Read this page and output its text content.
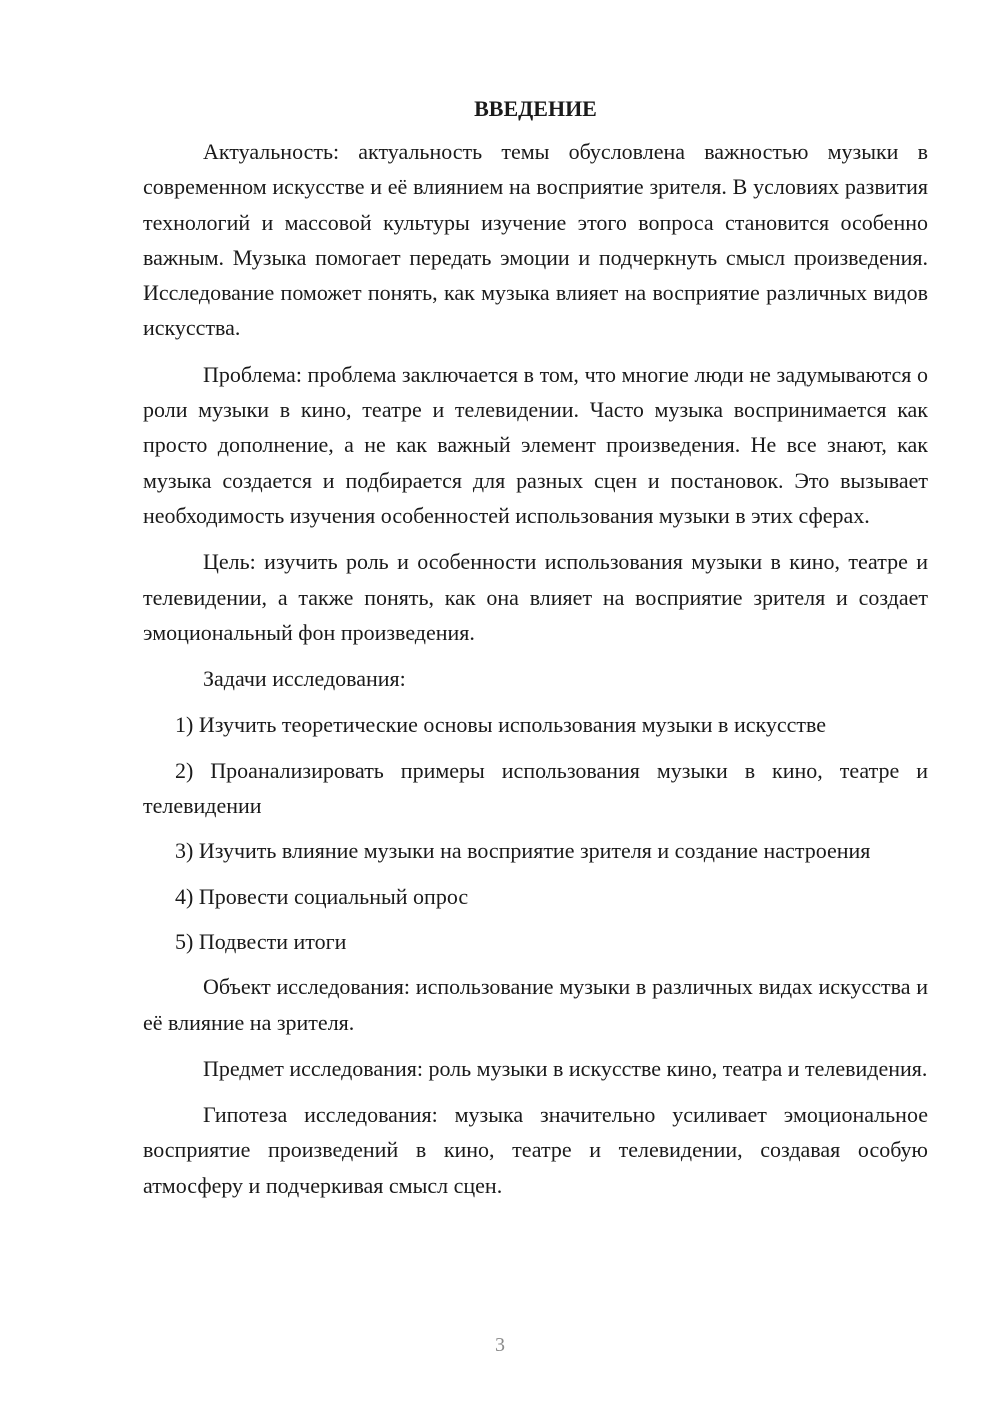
ВВЕДЕНИЕ

Актуальность: актуальность темы обусловлена важностью музыки в современном искусстве и её влиянием на восприятие зрителя. В условиях развития технологий и массовой культуры изучение этого вопроса становится особенно важным. Музыка помогает передать эмоции и подчеркнуть смысл произведения. Исследование поможет понять, как музыка влияет на восприятие различных видов искусства.

Проблема: проблема заключается в том, что многие люди не задумываются о роли музыки в кино, театре и телевидении. Часто музыка воспринимается как просто дополнение, а не как важный элемент произведения. Не все знают, как музыка создается и подбирается для разных сцен и постановок. Это вызывает необходимость изучения особенностей использования музыки в этих сферах.

Цель: изучить роль и особенности использования музыки в кино, театре и телевидении, а также понять, как она влияет на восприятие зрителя и создает эмоциональный фон произведения.

Задачи исследования:

1) Изучить теоретические основы использования музыки в искусстве

2) Проанализировать примеры использования музыки в кино, театре и телевидении

3) Изучить влияние музыки на восприятие зрителя и создание настроения

4) Провести социальный опрос

5) Подвести итоги

Объект исследования: использование музыки в различных видах искусства и её влияние на зрителя.

Предмет исследования: роль музыки в искусстве кино, театра и телевидения.

Гипотеза исследования: музыка значительно усиливает эмоциональное восприятие произведений в кино, театре и телевидении, создавая особую атмосферу и подчеркивая смысл сцен.

3
